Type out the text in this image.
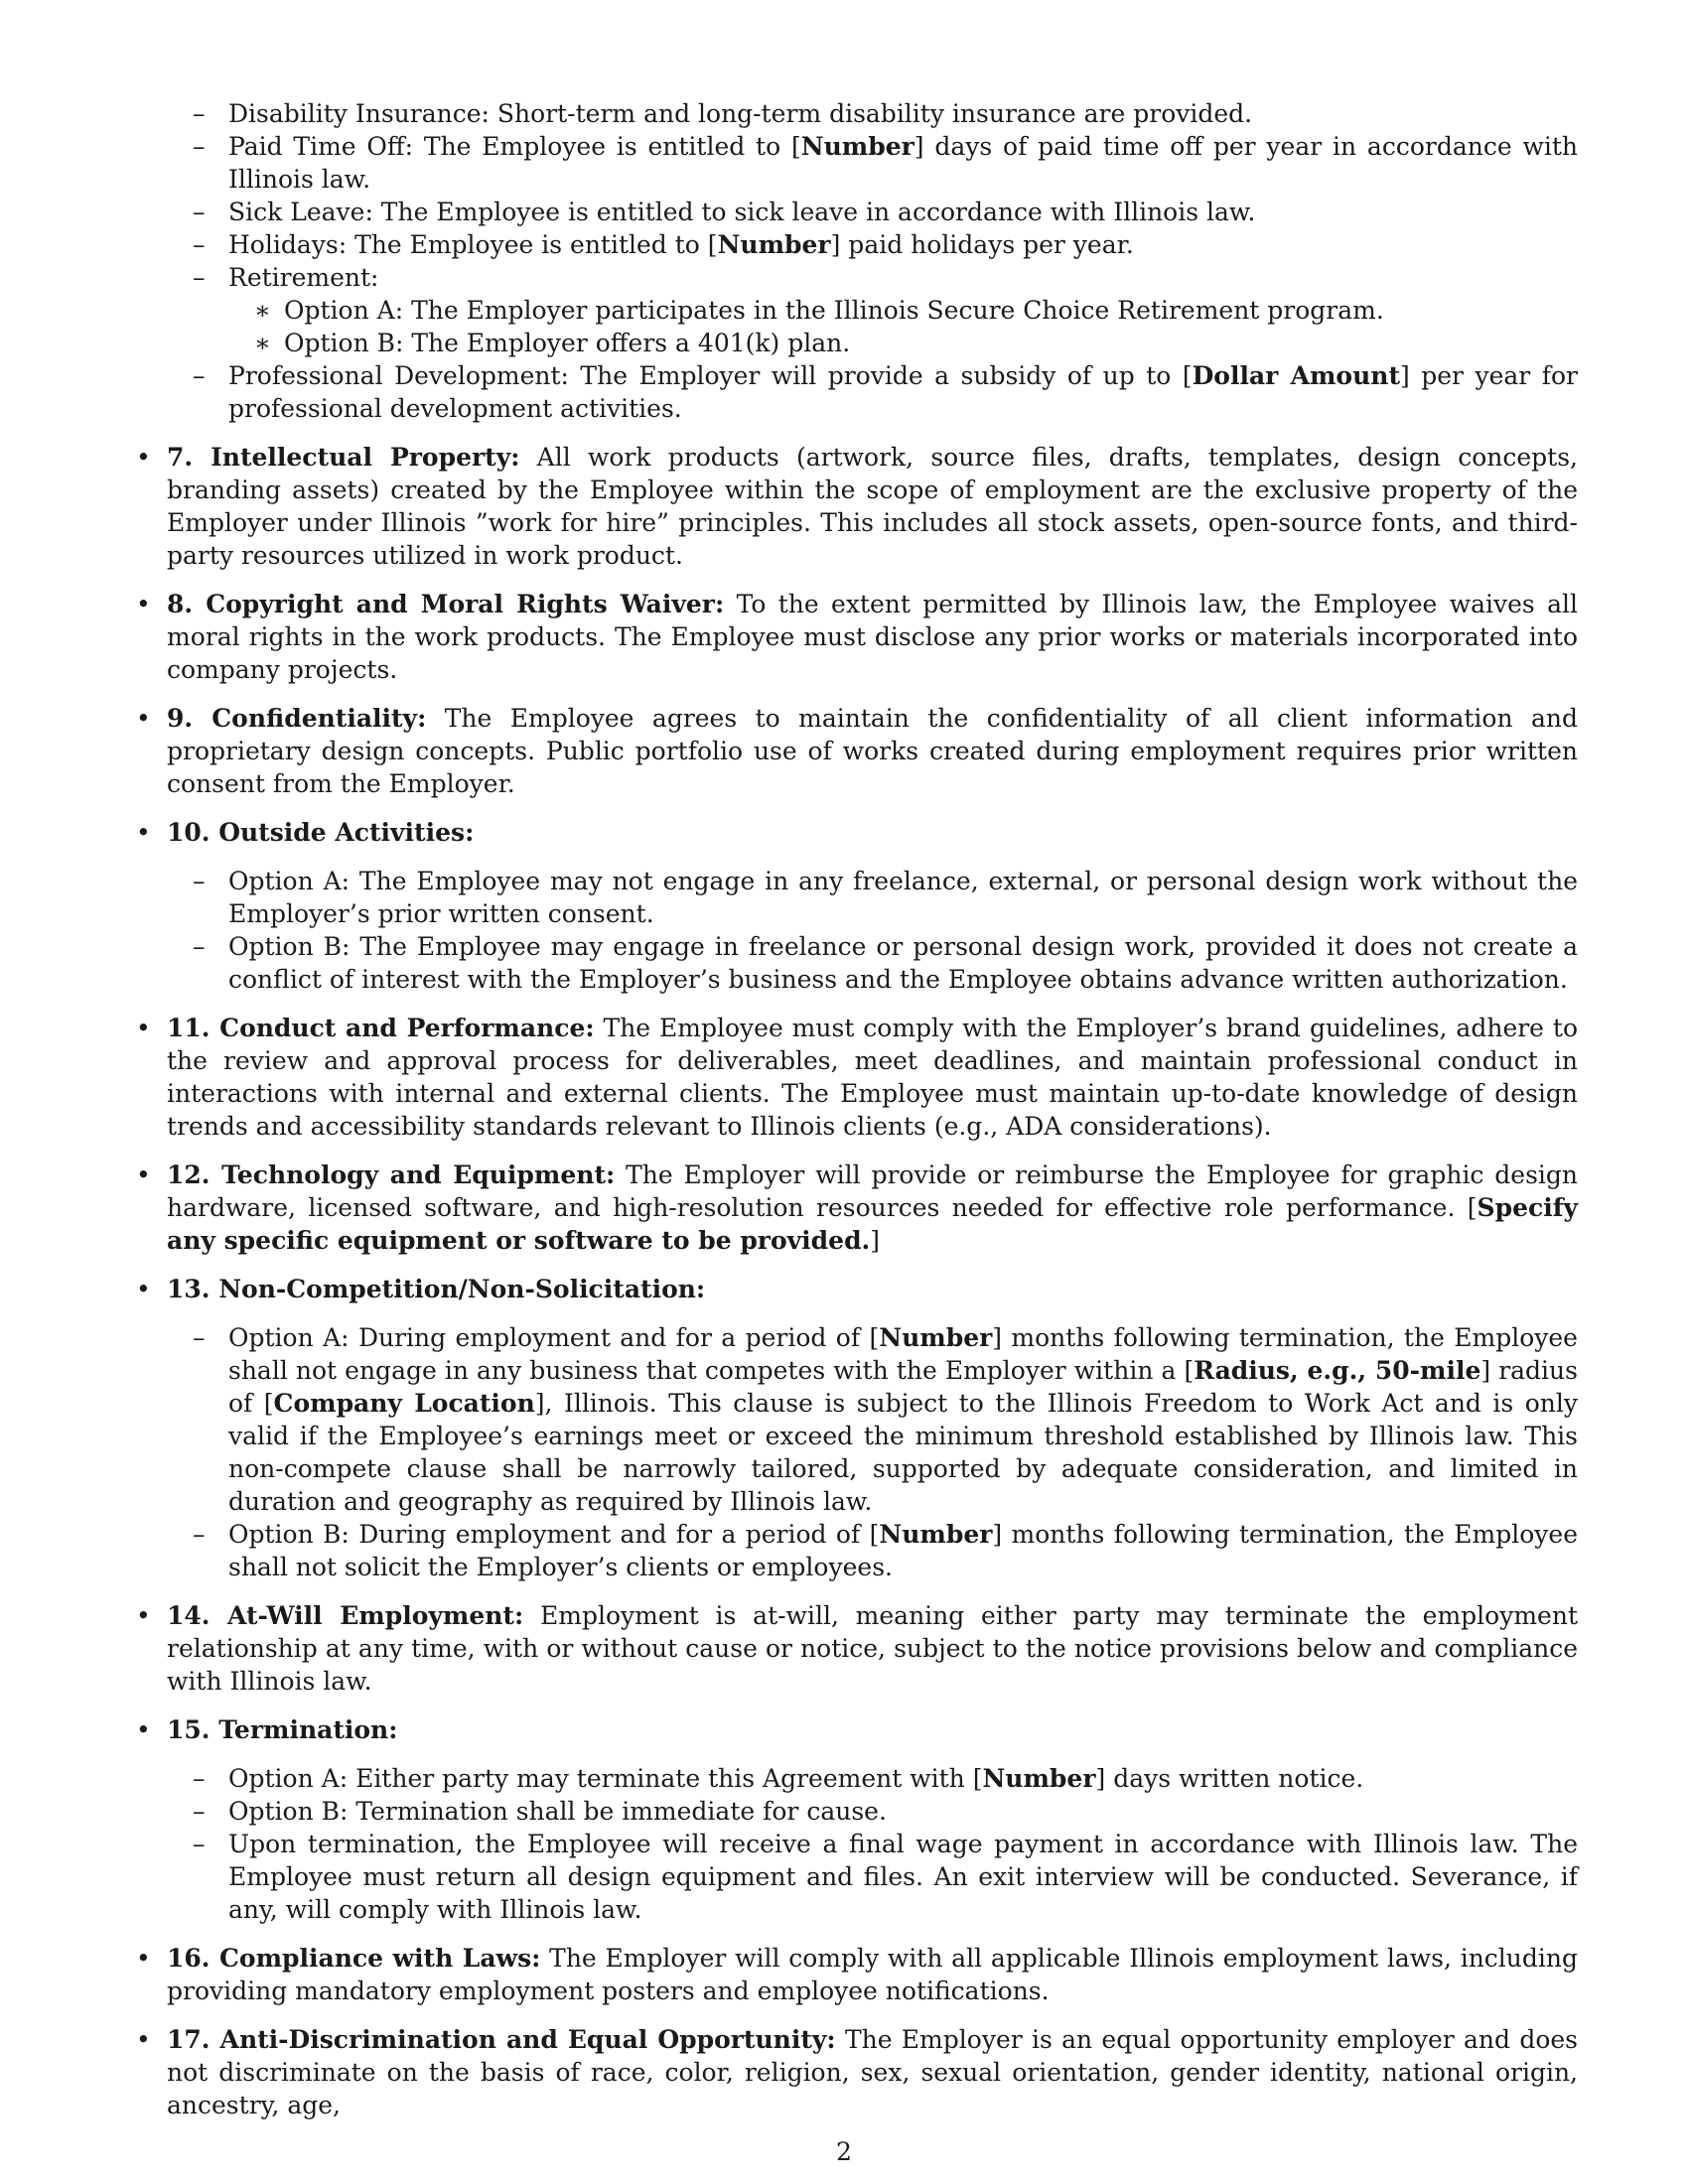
– Disability Insurance: Short-term and long-term disability insurance are provided.
– Paid Time Off: The Employee is entitled to [Number] days of paid time off per year in accordance with Illinois law.
– Sick Leave: The Employee is entitled to sick leave in accordance with Illinois law.
– Holidays: The Employee is entitled to [Number] paid holidays per year.
– Retirement:
∗ Option A: The Employer participates in the Illinois Secure Choice Retirement program.
∗ Option B: The Employer offers a 401(k) plan.
– Professional Development: The Employer will provide a subsidy of up to [Dollar Amount] per year for professional development activities.
• 7. Intellectual Property: All work products (artwork, source files, drafts, templates, design concepts, branding assets) created by the Employee within the scope of employment are the exclusive property of the Employer under Illinois ”work for hire” principles. This includes all stock assets, open-source fonts, and third-party resources utilized in work product.
• 8. Copyright and Moral Rights Waiver: To the extent permitted by Illinois law, the Employee waives all moral rights in the work products. The Employee must disclose any prior works or materials incorporated into company projects.
• 9. Confidentiality: The Employee agrees to maintain the confidentiality of all client information and proprietary design concepts. Public portfolio use of works created during employment requires prior written consent from the Employer.
• 10. Outside Activities:
– Option A: The Employee may not engage in any freelance, external, or personal design work without the Employer’s prior written consent.
– Option B: The Employee may engage in freelance or personal design work, provided it does not create a conflict of interest with the Employer’s business and the Employee obtains advance written authorization.
• 11. Conduct and Performance: The Employee must comply with the Employer’s brand guidelines, adhere to the review and approval process for deliverables, meet deadlines, and maintain professional conduct in interactions with internal and external clients. The Employee must maintain up-to-date knowledge of design trends and accessibility standards relevant to Illinois clients (e.g., ADA considerations).
• 12. Technology and Equipment: The Employer will provide or reimburse the Employee for graphic design hardware, licensed software, and high-resolution resources needed for effective role performance. [Specify any specific equipment or software to be provided.]
• 13. Non-Competition/Non-Solicitation:
– Option A: During employment and for a period of [Number] months following termination, the Employee shall not engage in any business that competes with the Employer within a [Radius, e.g., 50-mile] radius of [Company Location], Illinois. This clause is subject to the Illinois Freedom to Work Act and is only valid if the Employee’s earnings meet or exceed the minimum threshold established by Illinois law. This non-compete clause shall be narrowly tailored, supported by adequate consideration, and limited in duration and geography as required by Illinois law.
– Option B: During employment and for a period of [Number] months following termination, the Employee shall not solicit the Employer’s clients or employees.
• 14. At-Will Employment: Employment is at-will, meaning either party may terminate the employment relationship at any time, with or without cause or notice, subject to the notice provisions below and compliance with Illinois law.
• 15. Termination:
– Option A: Either party may terminate this Agreement with [Number] days written notice.
– Option B: Termination shall be immediate for cause.
– Upon termination, the Employee will receive a final wage payment in accordance with Illinois law. The Employee must return all design equipment and files. An exit interview will be conducted. Severance, if any, will comply with Illinois law.
• 16. Compliance with Laws: The Employer will comply with all applicable Illinois employment laws, including providing mandatory employment posters and employee notifications.
• 17. Anti-Discrimination and Equal Opportunity: The Employer is an equal opportunity employer and does not discriminate on the basis of race, color, religion, sex, sexual orientation, gender identity, national origin, ancestry, age,
2
